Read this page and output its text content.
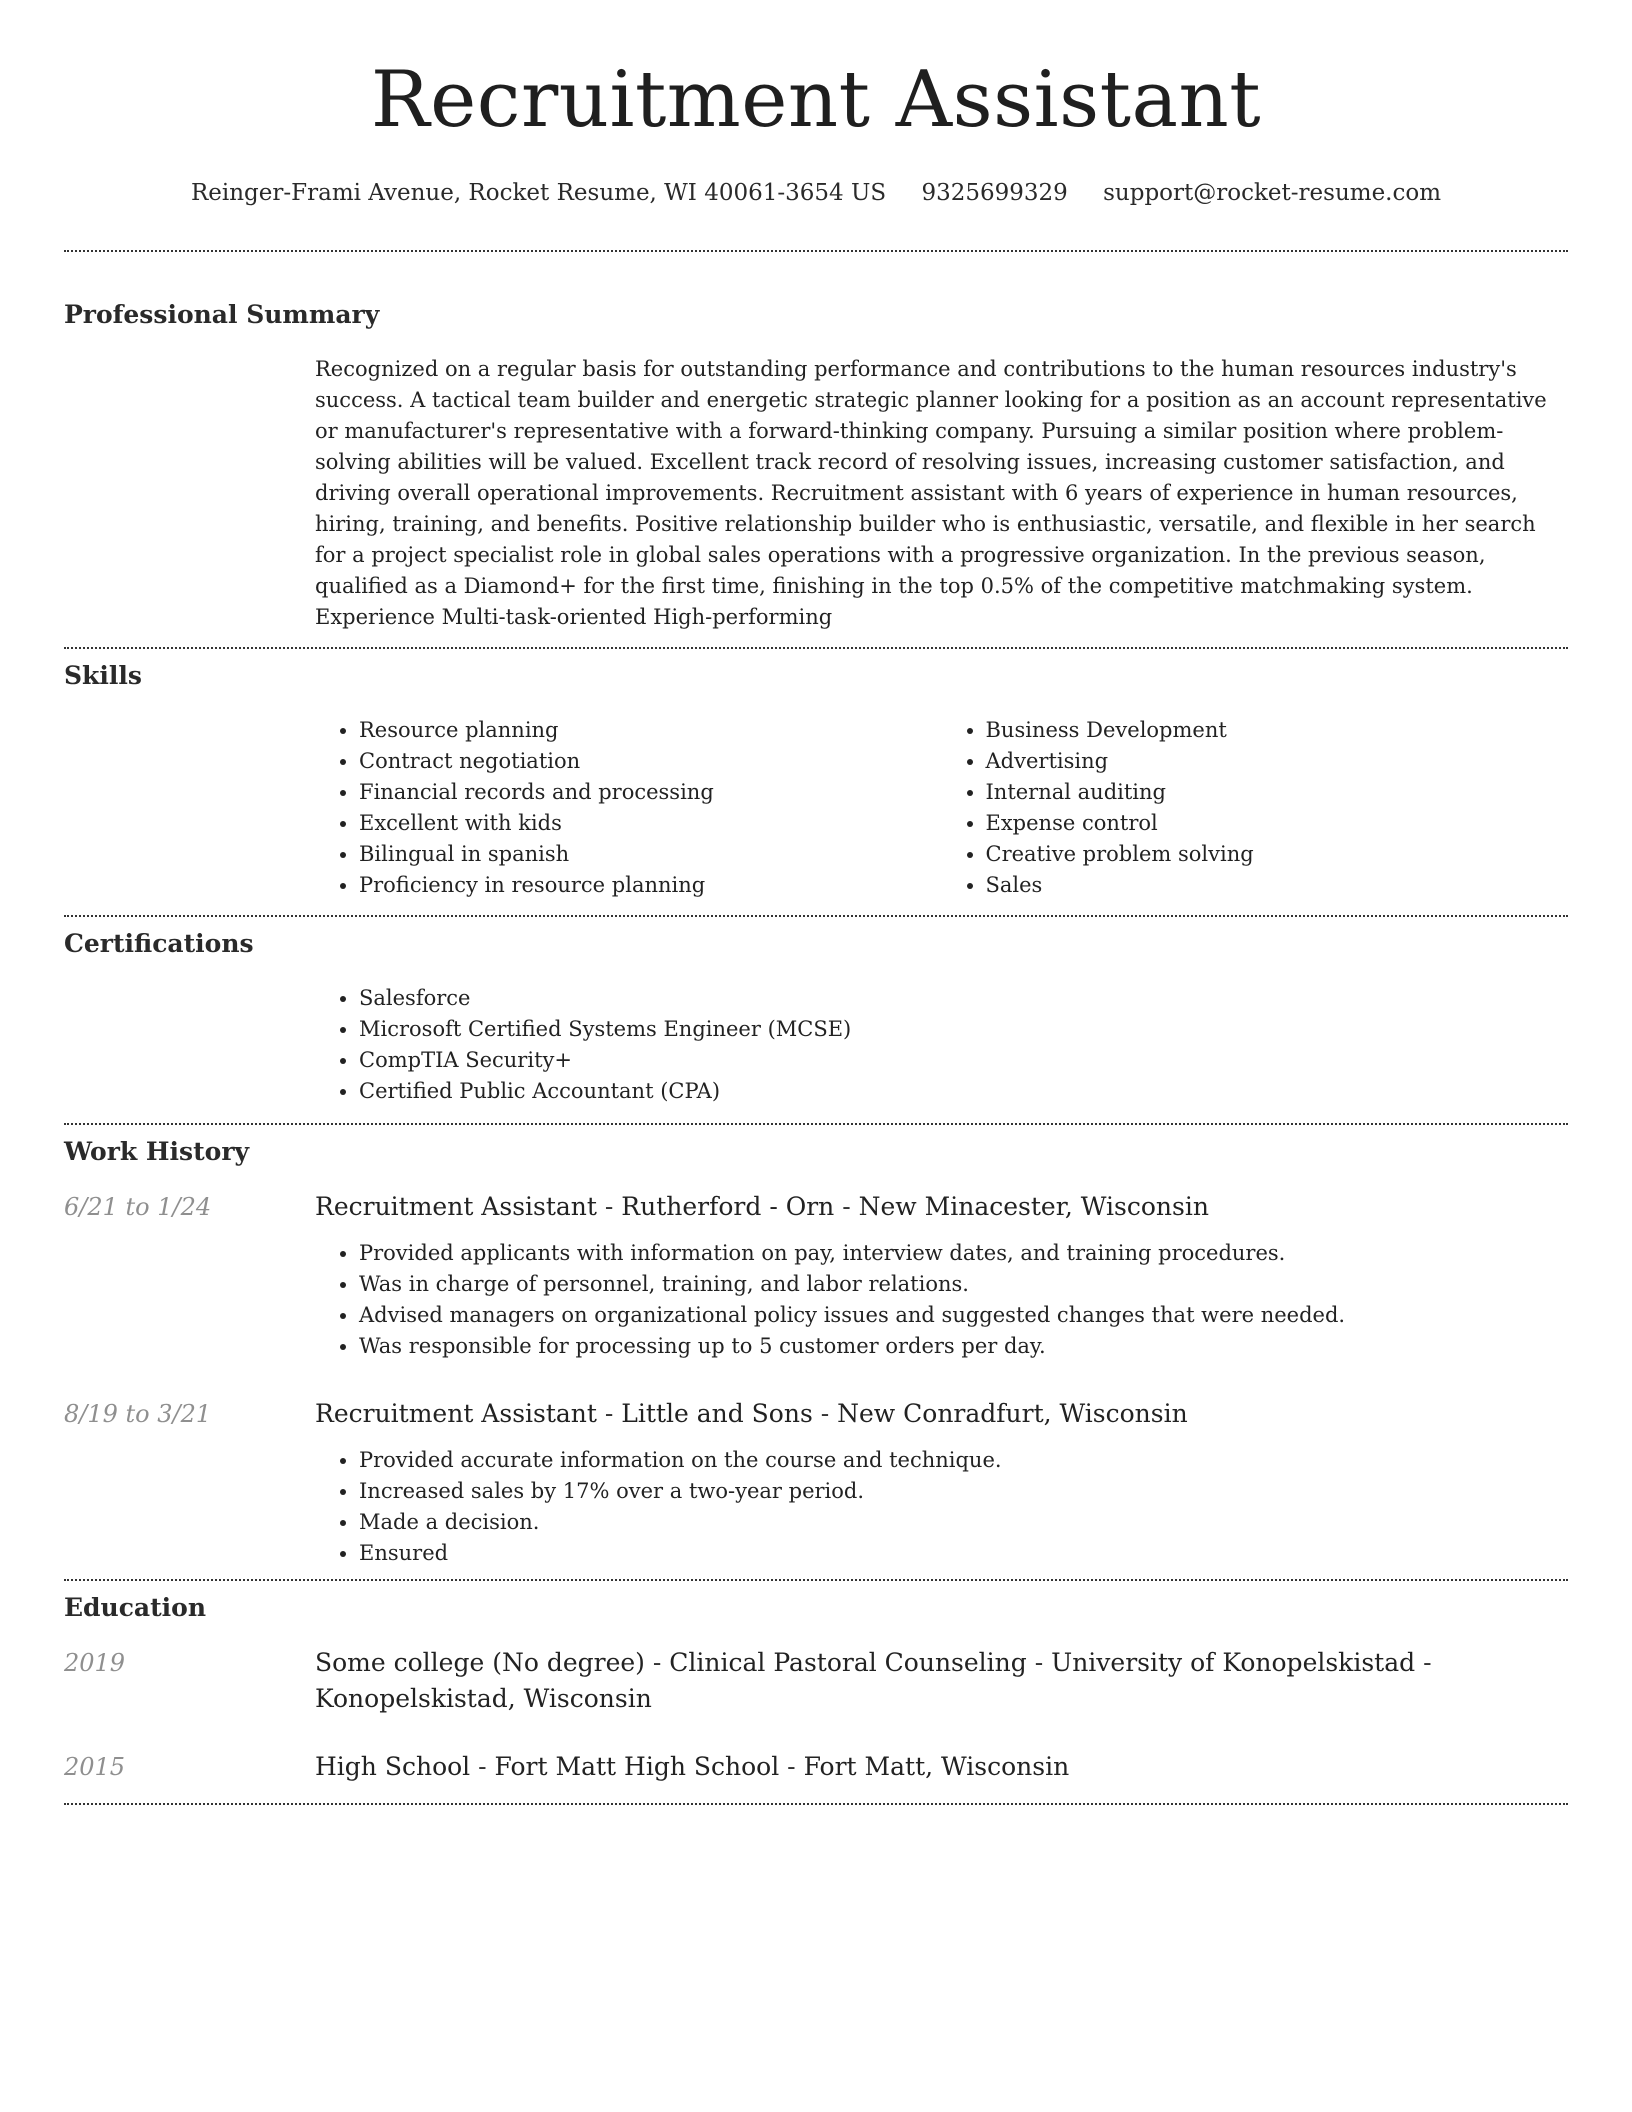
Recruitment Assistant
Reinger-Frami Avenue, Rocket Resume, WI 40061-3654 US 9325699329 support@rocket-resume.com
Professional Summary

Recognized on a regular basis for outstanding performance and contributions to the human resources industry's success. A tactical team builder and energetic strategic planner looking for a position as an account representative or manufacturer's representative with a forward-thinking company. Pursuing a similar position where problem-solving abilities will be valued. Excellent track record of resolving issues, increasing customer satisfaction, and driving overall operational improvements. Recruitment assistant with 6 years of experience in human resources, hiring, training, and benefits. Positive relationship builder who is enthusiastic, versatile, and flexible in her search for a project specialist role in global sales operations with a progressive organization. In the previous season, qualified as a Diamond+ for the first time, finishing in the top 0.5% of the competitive matchmaking system. Experience Multi-task-oriented High-performing

Skills
• Resource planning
• Contract negotiation
• Financial records and processing
• Excellent with kids
• Bilingual in spanish
• Proficiency in resource planning
• Business Development
• Advertising
• Internal auditing
• Expense control
• Creative problem solving
• Sales
Certifications
• Salesforce
• Microsoft Certified Systems Engineer (MCSE)
• CompTIA Security+
• Certified Public Accountant (CPA)
Work History
6/21 to 1/24	Recruitment Assistant - Rutherford - Orn - New Minacester, Wisconsin

• Provided applicants with information on pay, interview dates, and training procedures.
• Was in charge of personnel, training, and labor relations.
• Advised managers on organizational policy issues and suggested changes that were needed.
• Was responsible for processing up to 5 customer orders per day.
8/19 to 3/21	Recruitment Assistant - Little and Sons - New Conradfurt, Wisconsin

• Provided accurate information on the course and technique.
• Increased sales by 17% over a two-year period.
• Made a decision.
• Ensured
Education
2019	Some college (No degree) - Clinical Pastoral Counseling - University of Konopelskistad - Konopelskistad, Wisconsin

2015	High School - Fort Matt High School - Fort Matt, Wisconsin
